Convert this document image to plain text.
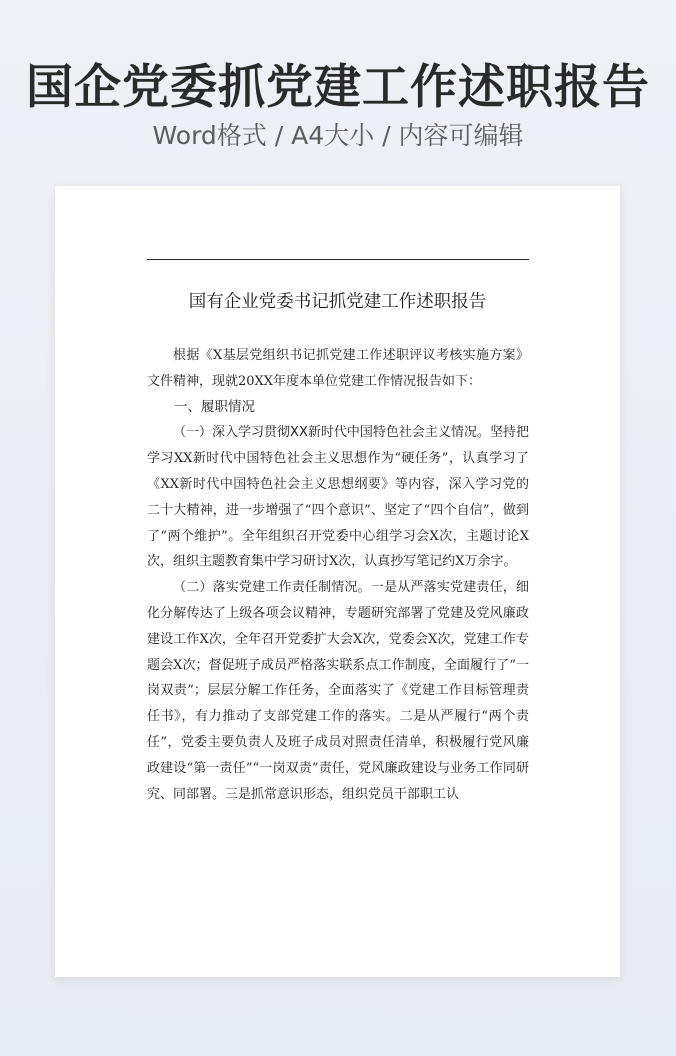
国企党委抓党建工作述职报告
Word格式 / A4大小 / 内容可编辑
国有企业党委书记抓党建工作述职报告

根据《X基层党组织书记抓党建工作述职评议考核实施方案》文件精神，现就20XX年度本单位党建工作情况报告如下：

一、履职情况

（一）深入学习贯彻XX新时代中国特色社会主义情况。坚持把学习XX新时代中国特色社会主义思想作为“硬任务”，认真学习了《XX新时代中国特色社会主义思想纲要》等内容，深入学习党的二十大精神，进一步增强了“四个意识”、坚定了“四个自信”，做到了“两个维护”。全年组织召开党委中心组学习会X次，主题讨论X次，组织主题教育集中学习研讨X次，认真抄写笔记约X万余字。

（二）落实党建工作责任制情况。一是从严落实党建责任，细化分解传达了上级各项会议精神，专题研究部署了党建及党风廉政建设工作X次，全年召开党委扩大会X次，党委会X次，党建工作专题会X次；督促班子成员严格落实联系点工作制度，全面履行了“一岗双责”；层层分解工作任务，全面落实了《党建工作目标管理责任书》，有力推动了支部党建工作的落实。二是从严履行“两个责任”，党委主要负责人及班子成员对照责任清单，积极履行党风廉政建设“第一责任”“一岗双责”责任，党风廉政建设与业务工作同研究、同部署。三是抓常意识形态，组织党员干部职工认
